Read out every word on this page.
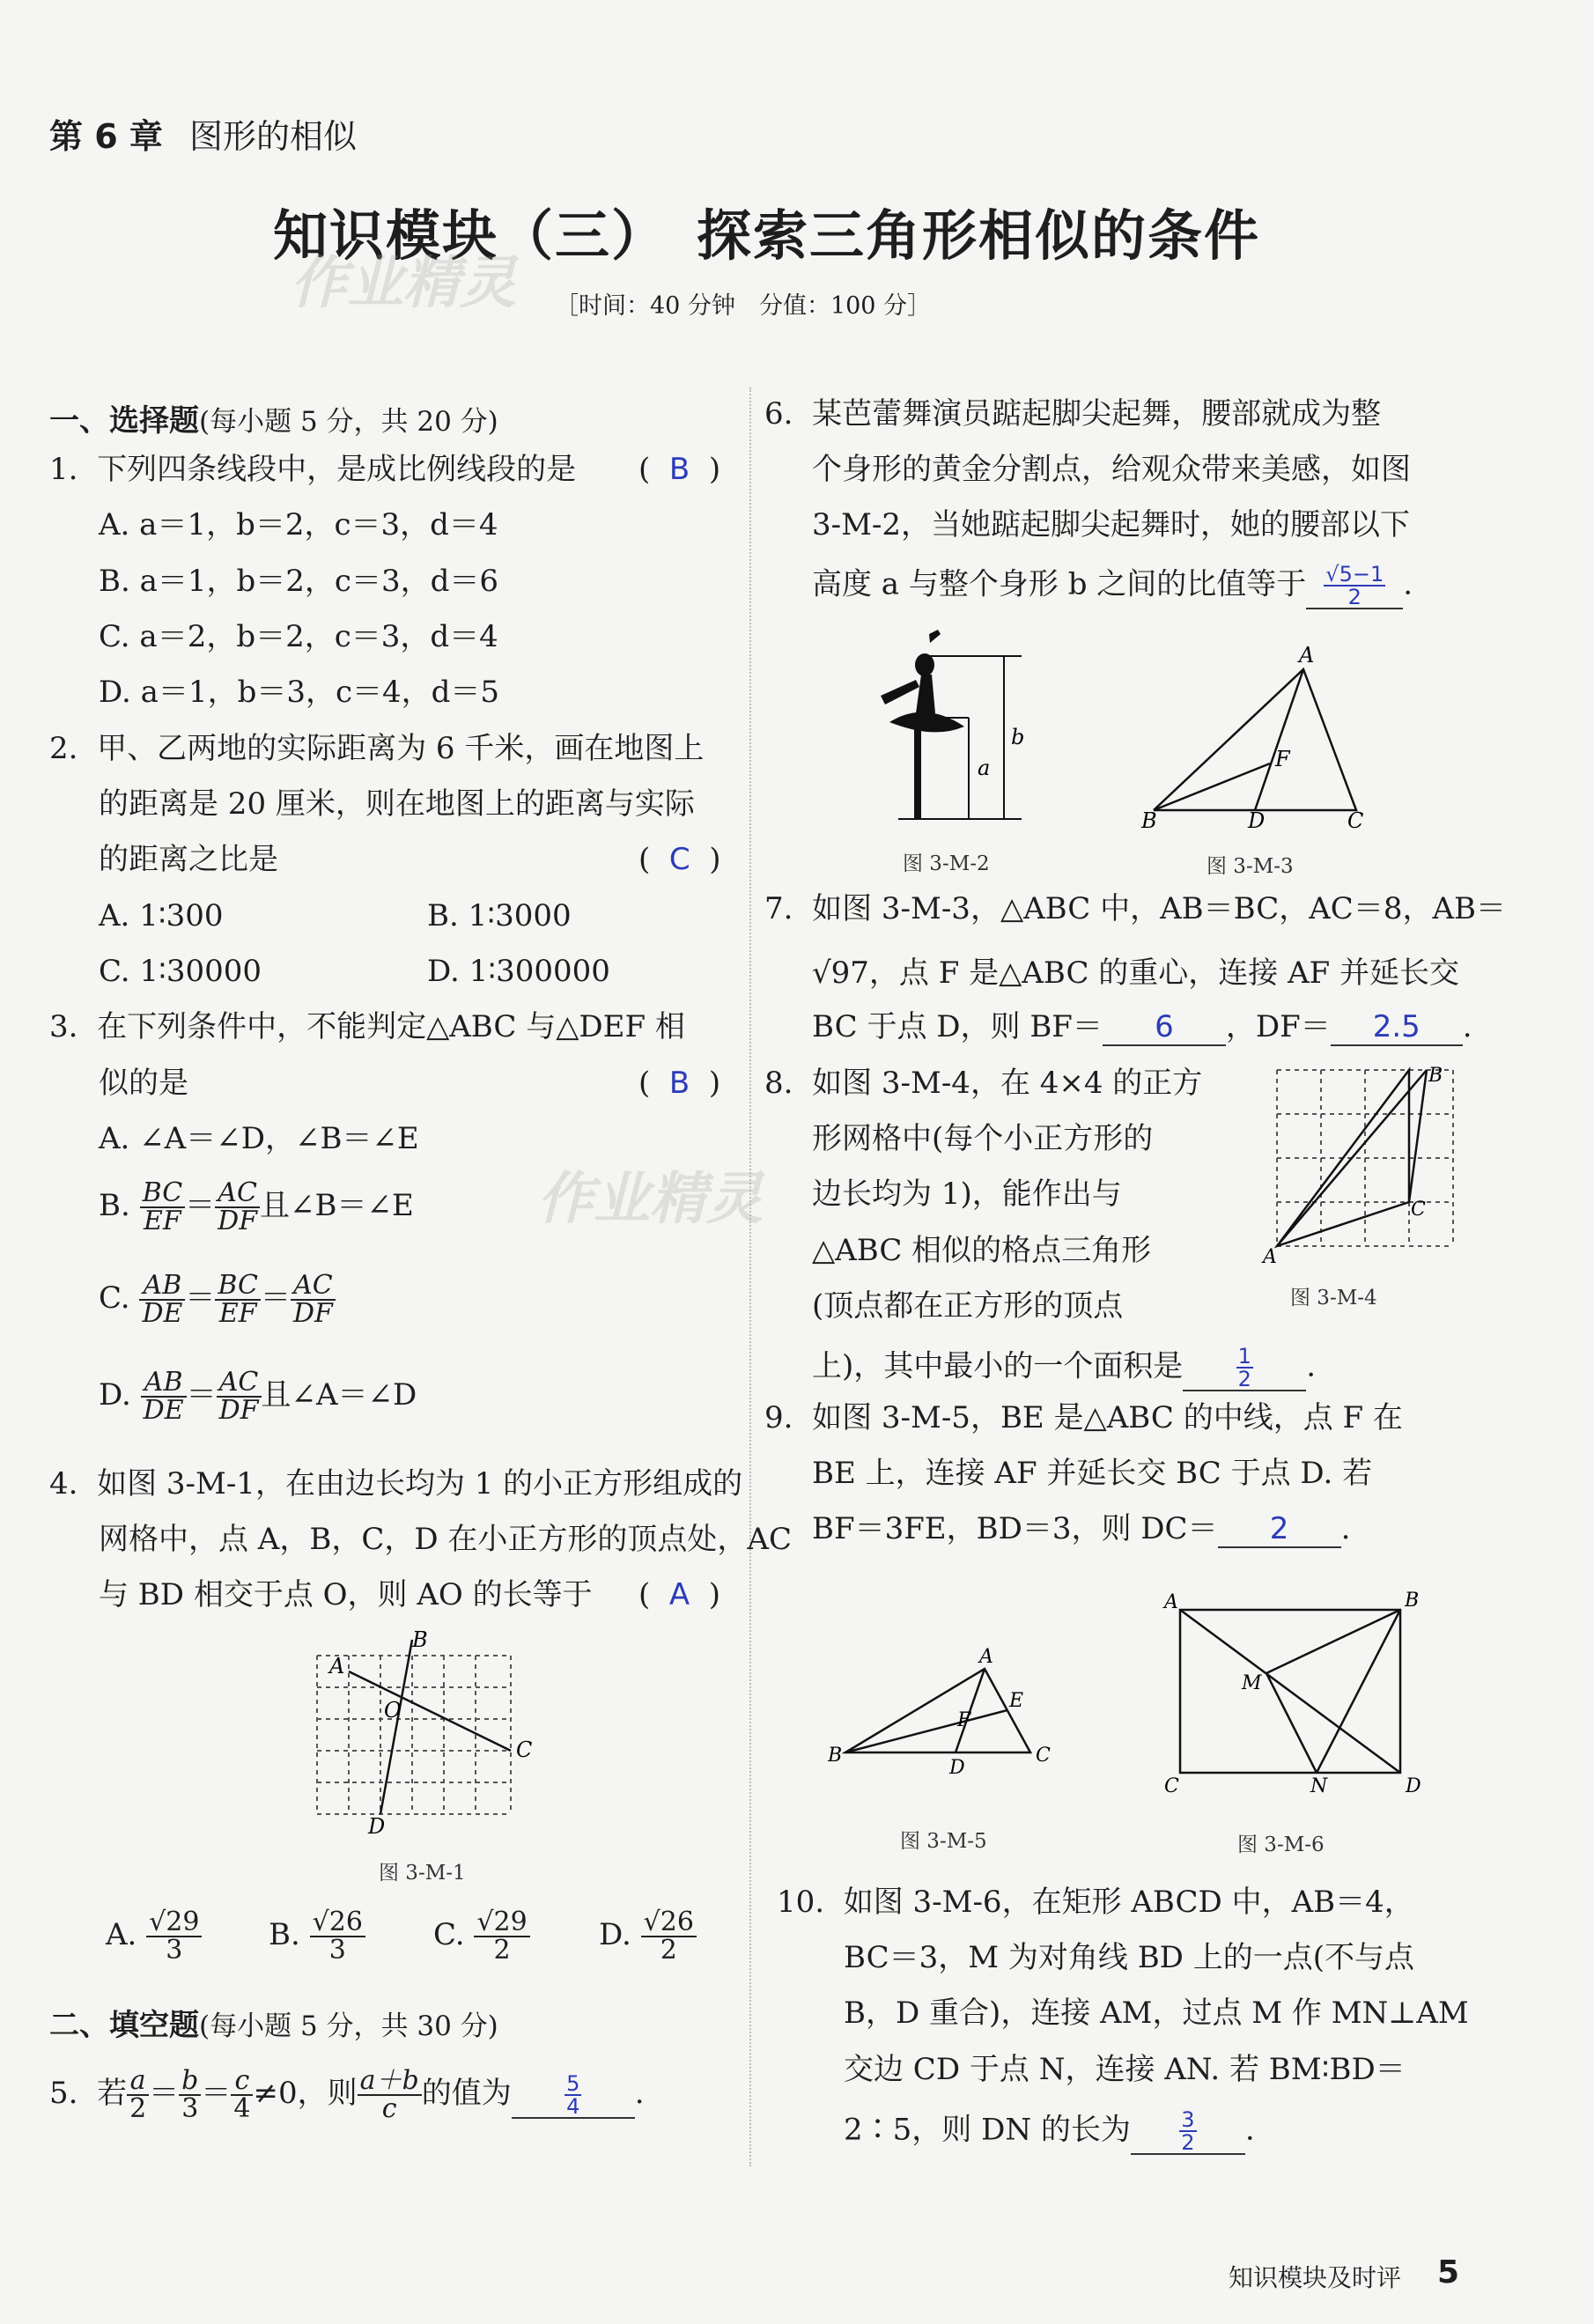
第 6 章 图形的相似
知识模块（三）　探索三角形相似的条件
作业精灵 ［时间：40 分钟　分值：100 分］
一、选择题(每小题 5 分，共 20 分)
1. 下列四条线段中，是成比例线段的是 (  B  )
A. a＝1，b＝2，c＝3，d＝4
B. a＝1，b＝2，c＝3，d＝6
C. a＝2，b＝2，c＝3，d＝4
D. a＝1，b＝3，c＝4，d＝5
2. 甲、乙两地的实际距离为 6 千米，画在地图上
的距离是 20 厘米，则在地图上的距离与实际
的距离之比是	(  C  )
A. 1∶300	B. 1∶3000
C. 1∶30000	D. 1∶300000
3. 在下列条件中，不能判定△ABC 与△DEF 相
似的是	(  B  )
A. ∠A＝∠D，∠B＝∠E
B. $\frac{BC}{EF} = \frac{AC}{DF}$ 且∠B＝∠E
C. $\frac{AB}{DE} = \frac{BC}{EF} = \frac{AC}{DF}$
D. $\frac{AB}{DE} = \frac{AC}{DF}$ 且∠A＝∠D
作业精灵
4. 如图 3-M-1，在由边长均为 1 的小正方形组成的
网格中，点 A，B，C，D 在小正方形的顶点处，AC
与 BD 相交于点 O，则 AO 的长等于 (  A  )
A
B
C
D
O
图 3-M-1
A. $\frac{√29}{3} B$. $\frac{√26}{3} C$. $\frac{√29}{2} D$. $\frac{√26}{2}$
二、填空题(每小题 5 分，共 30 分)
5. 若 $\frac{a}{2} = \frac{b}{3} = \frac{c}{4} \ne 0$，则 $\frac{a+b}{c}$ 的值为	$\frac{5}{4}$ .
6. 某芭蕾舞演员踮起脚尖起舞，腰部就成为整
个身形的黄金分割点，给观众带来美感，如图
3-M-2，当她踮起脚尖起舞时，她的腰部以下
高度 a 与整个身形 b 之间的比值等于 $\frac{√5-1}{2}$ .
a
b
图 3-M-2
A
B	C
D
F
图 3-M-3
7. 如图 3-M-3，△ABC 中，AB＝BC，AC＝8，AB＝
√97，点 F 是△ABC 的重心，连接 AF 并延长交
BC 于点 D，则 BF＝ 6 ，DF＝ 2.5 .
8. 如图 3-M-4，在 4×4 的正方
形网格中(每个小正方形的
边长均为 1)，能作出与
△ABC 相似的格点三角形
(顶点都在正方形的顶点
上)，其中最小的一个面积是	$\frac{1}{2}$ .
A
B
C
图 3-M-4
9. 如图 3-M-5，BE 是△ABC 的中线，点 F 在
BE 上，连接 AF 并延长交 BC 于点 D. 若
BF＝3FE，BD＝3，则 DC＝ 2 .
A
B	C
D
E
F
图 3-M-5
A	B
C	D
M
N
图 3-M-6
10. 如图 3-M-6，在矩形 ABCD 中，AB＝4，
BC＝3，M 为对角线 BD 上的一点(不与点
B，D 重合)，连接 AM，过点 M 作 MN⊥AM
交边 CD 于点 N，连接 AN. 若 BM∶BD＝
2∶5，则 DN 的长为 $\frac{3}{2}$ .
知识模块及时评 5
